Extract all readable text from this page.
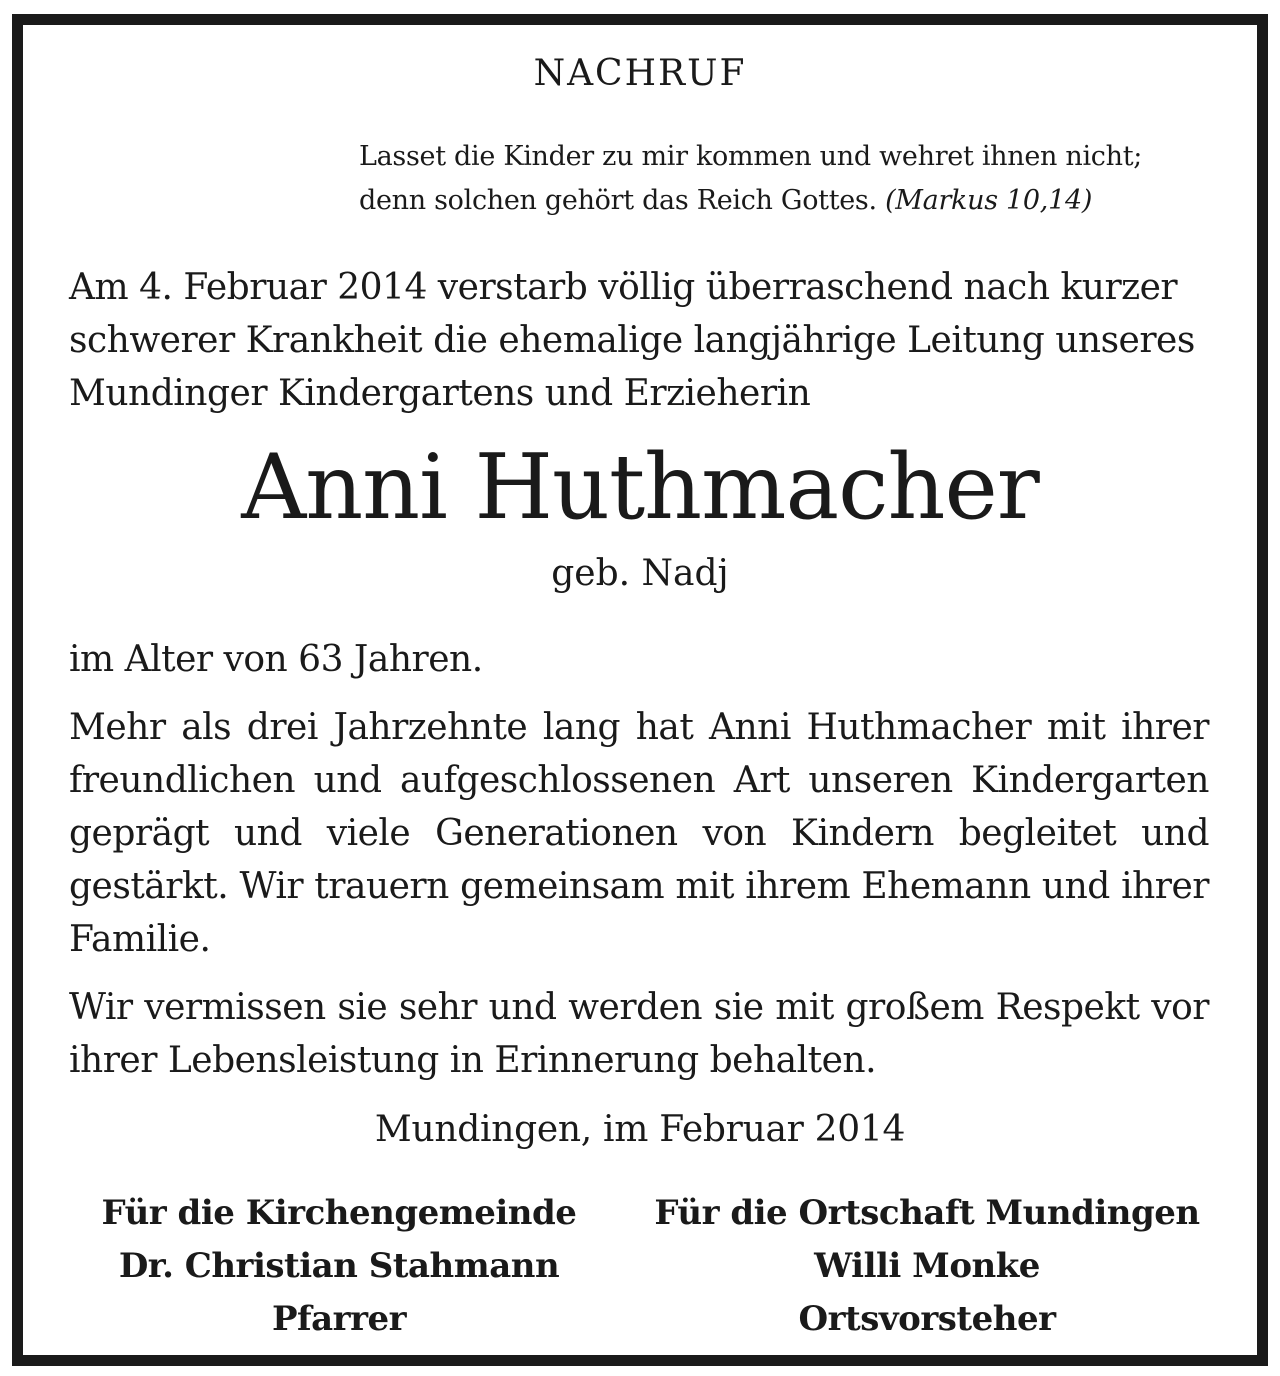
NACHRUF
Lasset die Kinder zu mir kommen und wehret ihnen nicht;
denn solchen gehört das Reich Gottes. (Markus 10,14)
Am 4. Februar 2014 verstarb völlig überraschend nach kurzer
schwerer Krankheit die ehemalige langjährige Leitung unseres
Mundinger Kindergartens und Erzieherin
Anni Huthmacher
geb. Nadj
im Alter von 63 Jahren.
Mehr als drei Jahrzehnte lang hat Anni Huthmacher mit ihrer freundlichen und aufgeschlossenen Art unseren Kindergarten geprägt und viele Generationen von Kindern begleitet und gestärkt. Wir trauern gemeinsam mit ihrem Ehemann und ihrer Familie.
Wir vermissen sie sehr und werden sie mit großem Respekt vor ihrer Lebensleistung in Erinnerung behalten.
Mundingen, im Februar 2014
Für die Kirchengemeinde
Dr. Christian Stahmann
Pfarrer
Für die Ortschaft Mundingen
Willi Monke
Ortsvorsteher
